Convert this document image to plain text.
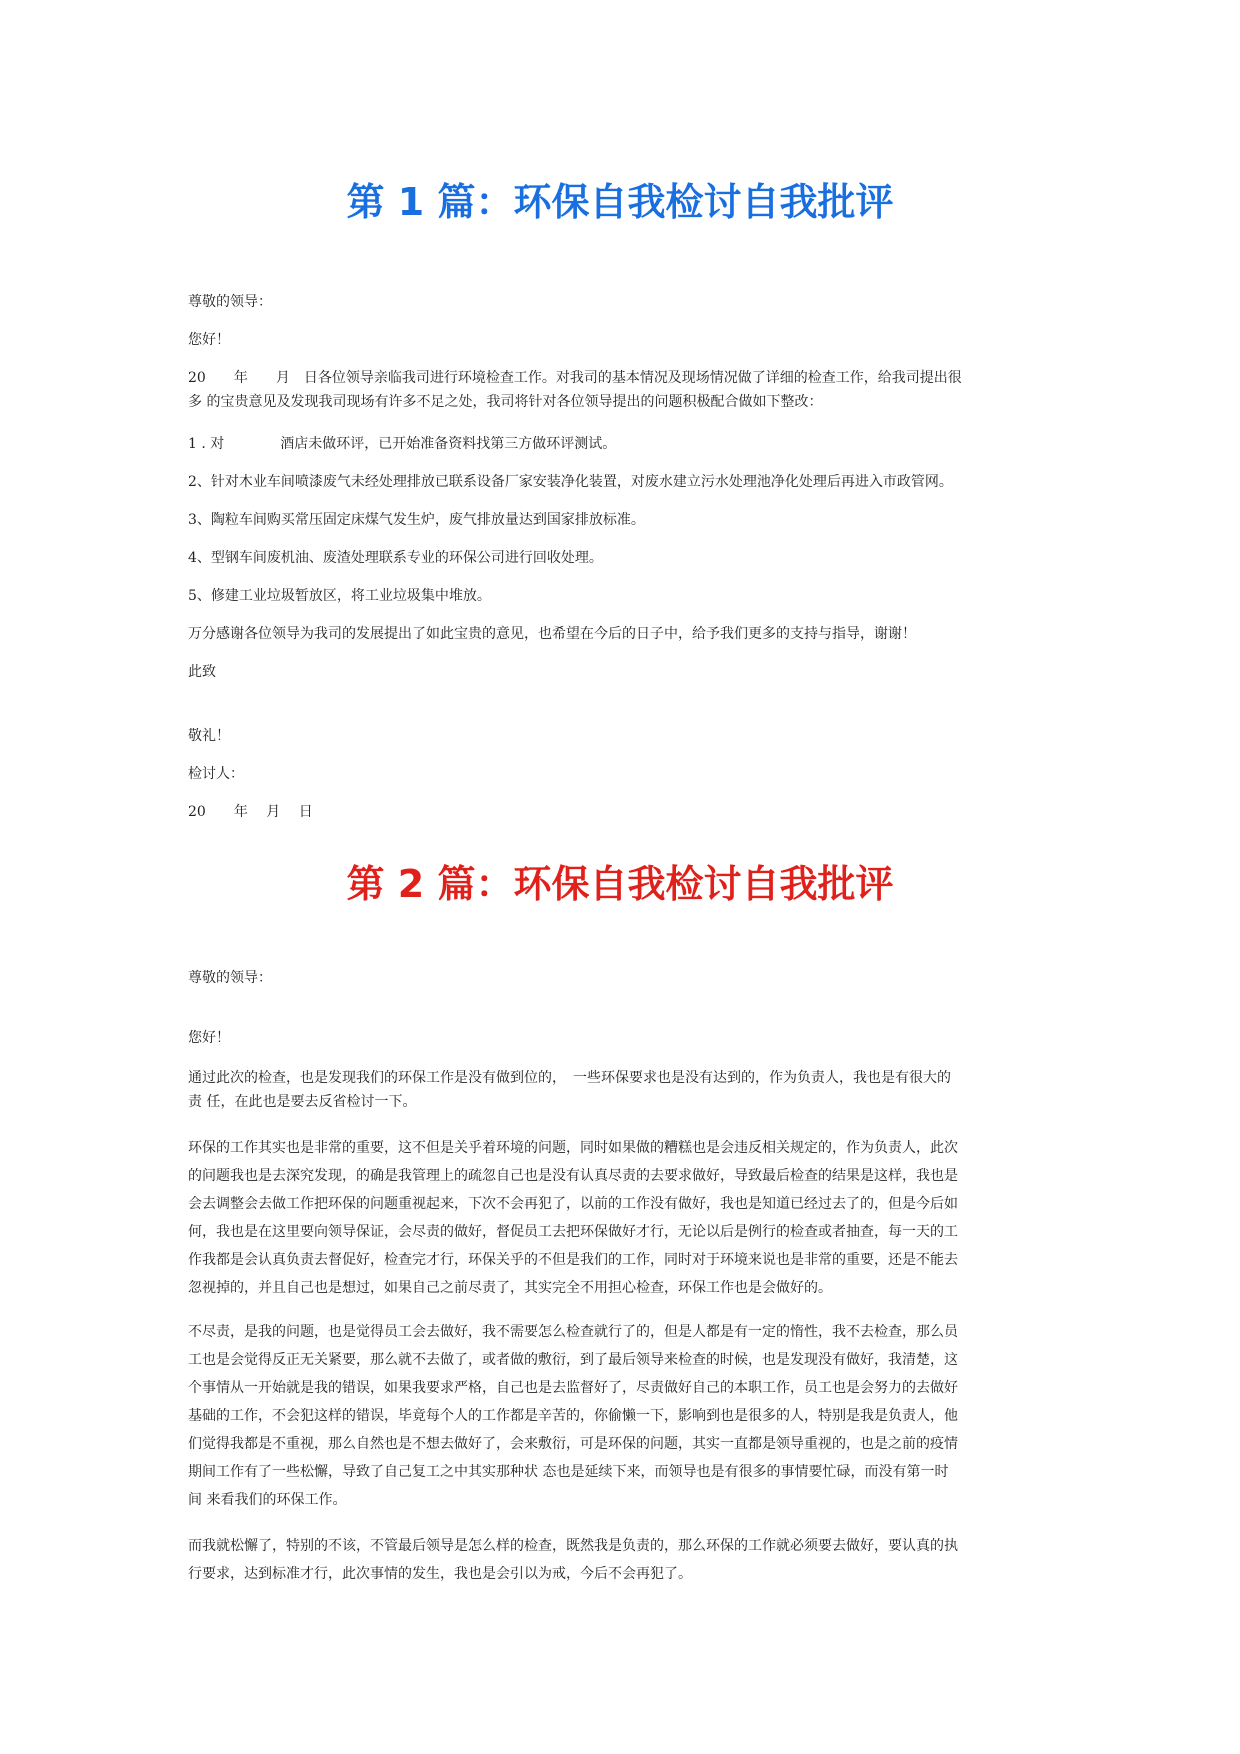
第 1 篇：环保自我检讨自我批评

尊敬的领导：

您好！

20　　年　　月　日各位领导亲临我司进行环境检查工作。对我司的基本情况及现场情况做了详细的检查工作，给我司提出很

多 的宝贵意见及发现我司现场有许多不足之处，我司将针对各位领导提出的问题积极配合做如下整改：

1 . 对　　　　酒店未做环评，已开始准备资料找第三方做环评测试。

2、针对木业车间喷漆废气未经处理排放已联系设备厂家安装净化装置，对废水建立污水处理池净化处理后再进入市政管网。

3、陶粒车间购买常压固定床煤气发生炉，废气排放量达到国家排放标准。

4、型钢车间废机油、废渣处理联系专业的环保公司进行回收处理。

5、修建工业垃圾暂放区，将工业垃圾集中堆放。

万分感谢各位领导为我司的发展提出了如此宝贵的意见，也希望在今后的日子中，给予我们更多的支持与指导，谢谢！

此致

敬礼！

检讨人：

20　　年　 月　 日

第 2 篇：环保自我检讨自我批评

尊敬的领导：

您好！

通过此次的检查，也是发现我们的环保工作是没有做到位的，　一些环保要求也是没有达到的，作为负责人，我也是有很大的

责 任，在此也是要去反省检讨一下。

环保的工作其实也是非常的重要，这不但是关乎着环境的问题，同时如果做的糟糕也是会违反相关规定的，作为负责人，此次

的问题我也是去深究发现，的确是我管理上的疏忽自己也是没有认真尽责的去要求做好，导致最后检查的结果是这样，我也是

会去调整会去做工作把环保的问题重视起来，下次不会再犯了，以前的工作没有做好，我也是知道已经过去了的，但是今后如

何，我也是在这里要向领导保证，会尽责的做好，督促员工去把环保做好才行，无论以后是例行的检查或者抽查，每一天的工

作我都是会认真负责去督促好，检查完才行，环保关乎的不但是我们的工作，同时对于环境来说也是非常的重要，还是不能去

忽视掉的，并且自己也是想过，如果自己之前尽责了，其实完全不用担心检查，环保工作也是会做好的。

不尽责，是我的问题，也是觉得员工会去做好，我不需要怎么检查就行了的，但是人都是有一定的惰性，我不去检查，那么员

工也是会觉得反正无关紧要，那么就不去做了，或者做的敷衍，到了最后领导来检查的时候，也是发现没有做好，我清楚，这

个事情从一开始就是我的错误，如果我要求严格，自己也是去监督好了，尽责做好自己的本职工作，员工也是会努力的去做好

基础的工作，不会犯这样的错误，毕竟每个人的工作都是辛苦的，你偷懒一下，影响到也是很多的人，特别是我是负责人，他

们觉得我都是不重视，那么自然也是不想去做好了，会来敷衍，可是环保的问题，其实一直都是领导重视的，也是之前的疫情

期间工作有了一些松懈，导致了自己复工之中其实那种状 态也是延续下来，而领导也是有很多的事情要忙碌，而没有第一时

间 来看我们的环保工作。

而我就松懈了，特别的不该，不管最后领导是怎么样的检查，既然我是负责的，那么环保的工作就必须要去做好，要认真的执

行要求，达到标准才行，此次事情的发生，我也是会引以为戒，今后不会再犯了。
